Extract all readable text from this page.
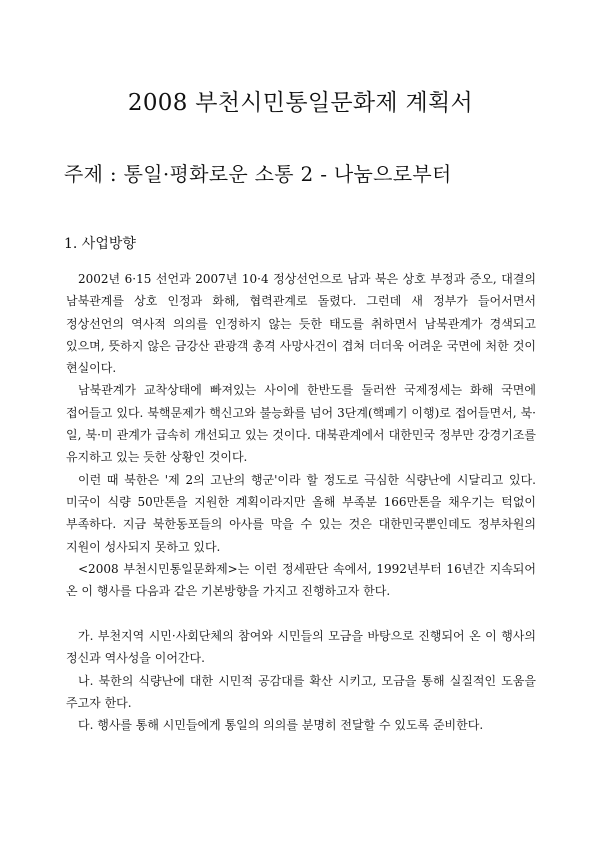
2008 부천시민통일문화제 계획서
주제 : 통일·평화로운 소통 2 - 나눔으로부터
1. 사업방향

2002년 6·15 선언과 2007년 10·4 정상선언으로 남과 북은 상호 부정과 증오, 대결의 남북관계를 상호 인정과 화해, 협력관계로 돌렸다. 그런데 새 정부가 들어서면서 정상선언의 역사적 의의를 인정하지 않는 듯한 태도를 취하면서 남북관계가 경색되고 있으며, 뜻하지 않은 금강산 관광객 총격 사망사건이 겹쳐 더더욱 어려운 국면에 처한 것이 현실이다.

남북관계가 교착상태에 빠져있는 사이에 한반도를 둘러싼 국제정세는 화해 국면에 접어들고 있다. 북핵문제가 핵신고와 불능화를 넘어 3단계(핵폐기 이행)로 접어들면서, 북·일, 북·미 관계가 급속히 개선되고 있는 것이다. 대북관계에서 대한민국 정부만 강경기조를 유지하고 있는 듯한 상황인 것이다.

이런 때 북한은 '제 2의 고난의 행군'이라 할 정도로 극심한 식량난에 시달리고 있다. 미국이 식량 50만톤을 지원한 계획이라지만 올해 부족분 166만톤을 채우기는 턱없이 부족하다. 지금 북한동포들의 아사를 막을 수 있는 것은 대한민국뿐인데도 정부차원의 지원이 성사되지 못하고 있다.

<2008 부천시민통일문화제>는 이런 정세판단 속에서, 1992년부터 16년간 지속되어 온 이 행사를 다음과 같은 기본방향을 가지고 진행하고자 한다.

가. 부천지역 시민·사회단체의 참여와 시민들의 모금을 바탕으로 진행되어 온 이 행사의 정신과 역사성을 이어간다.

나. 북한의 식량난에 대한 시민적 공감대를 확산 시키고, 모금을 통해 실질적인 도움을 주고자 한다.

다. 행사를 통해 시민들에게 통일의 의의를 분명히 전달할 수 있도록 준비한다.
